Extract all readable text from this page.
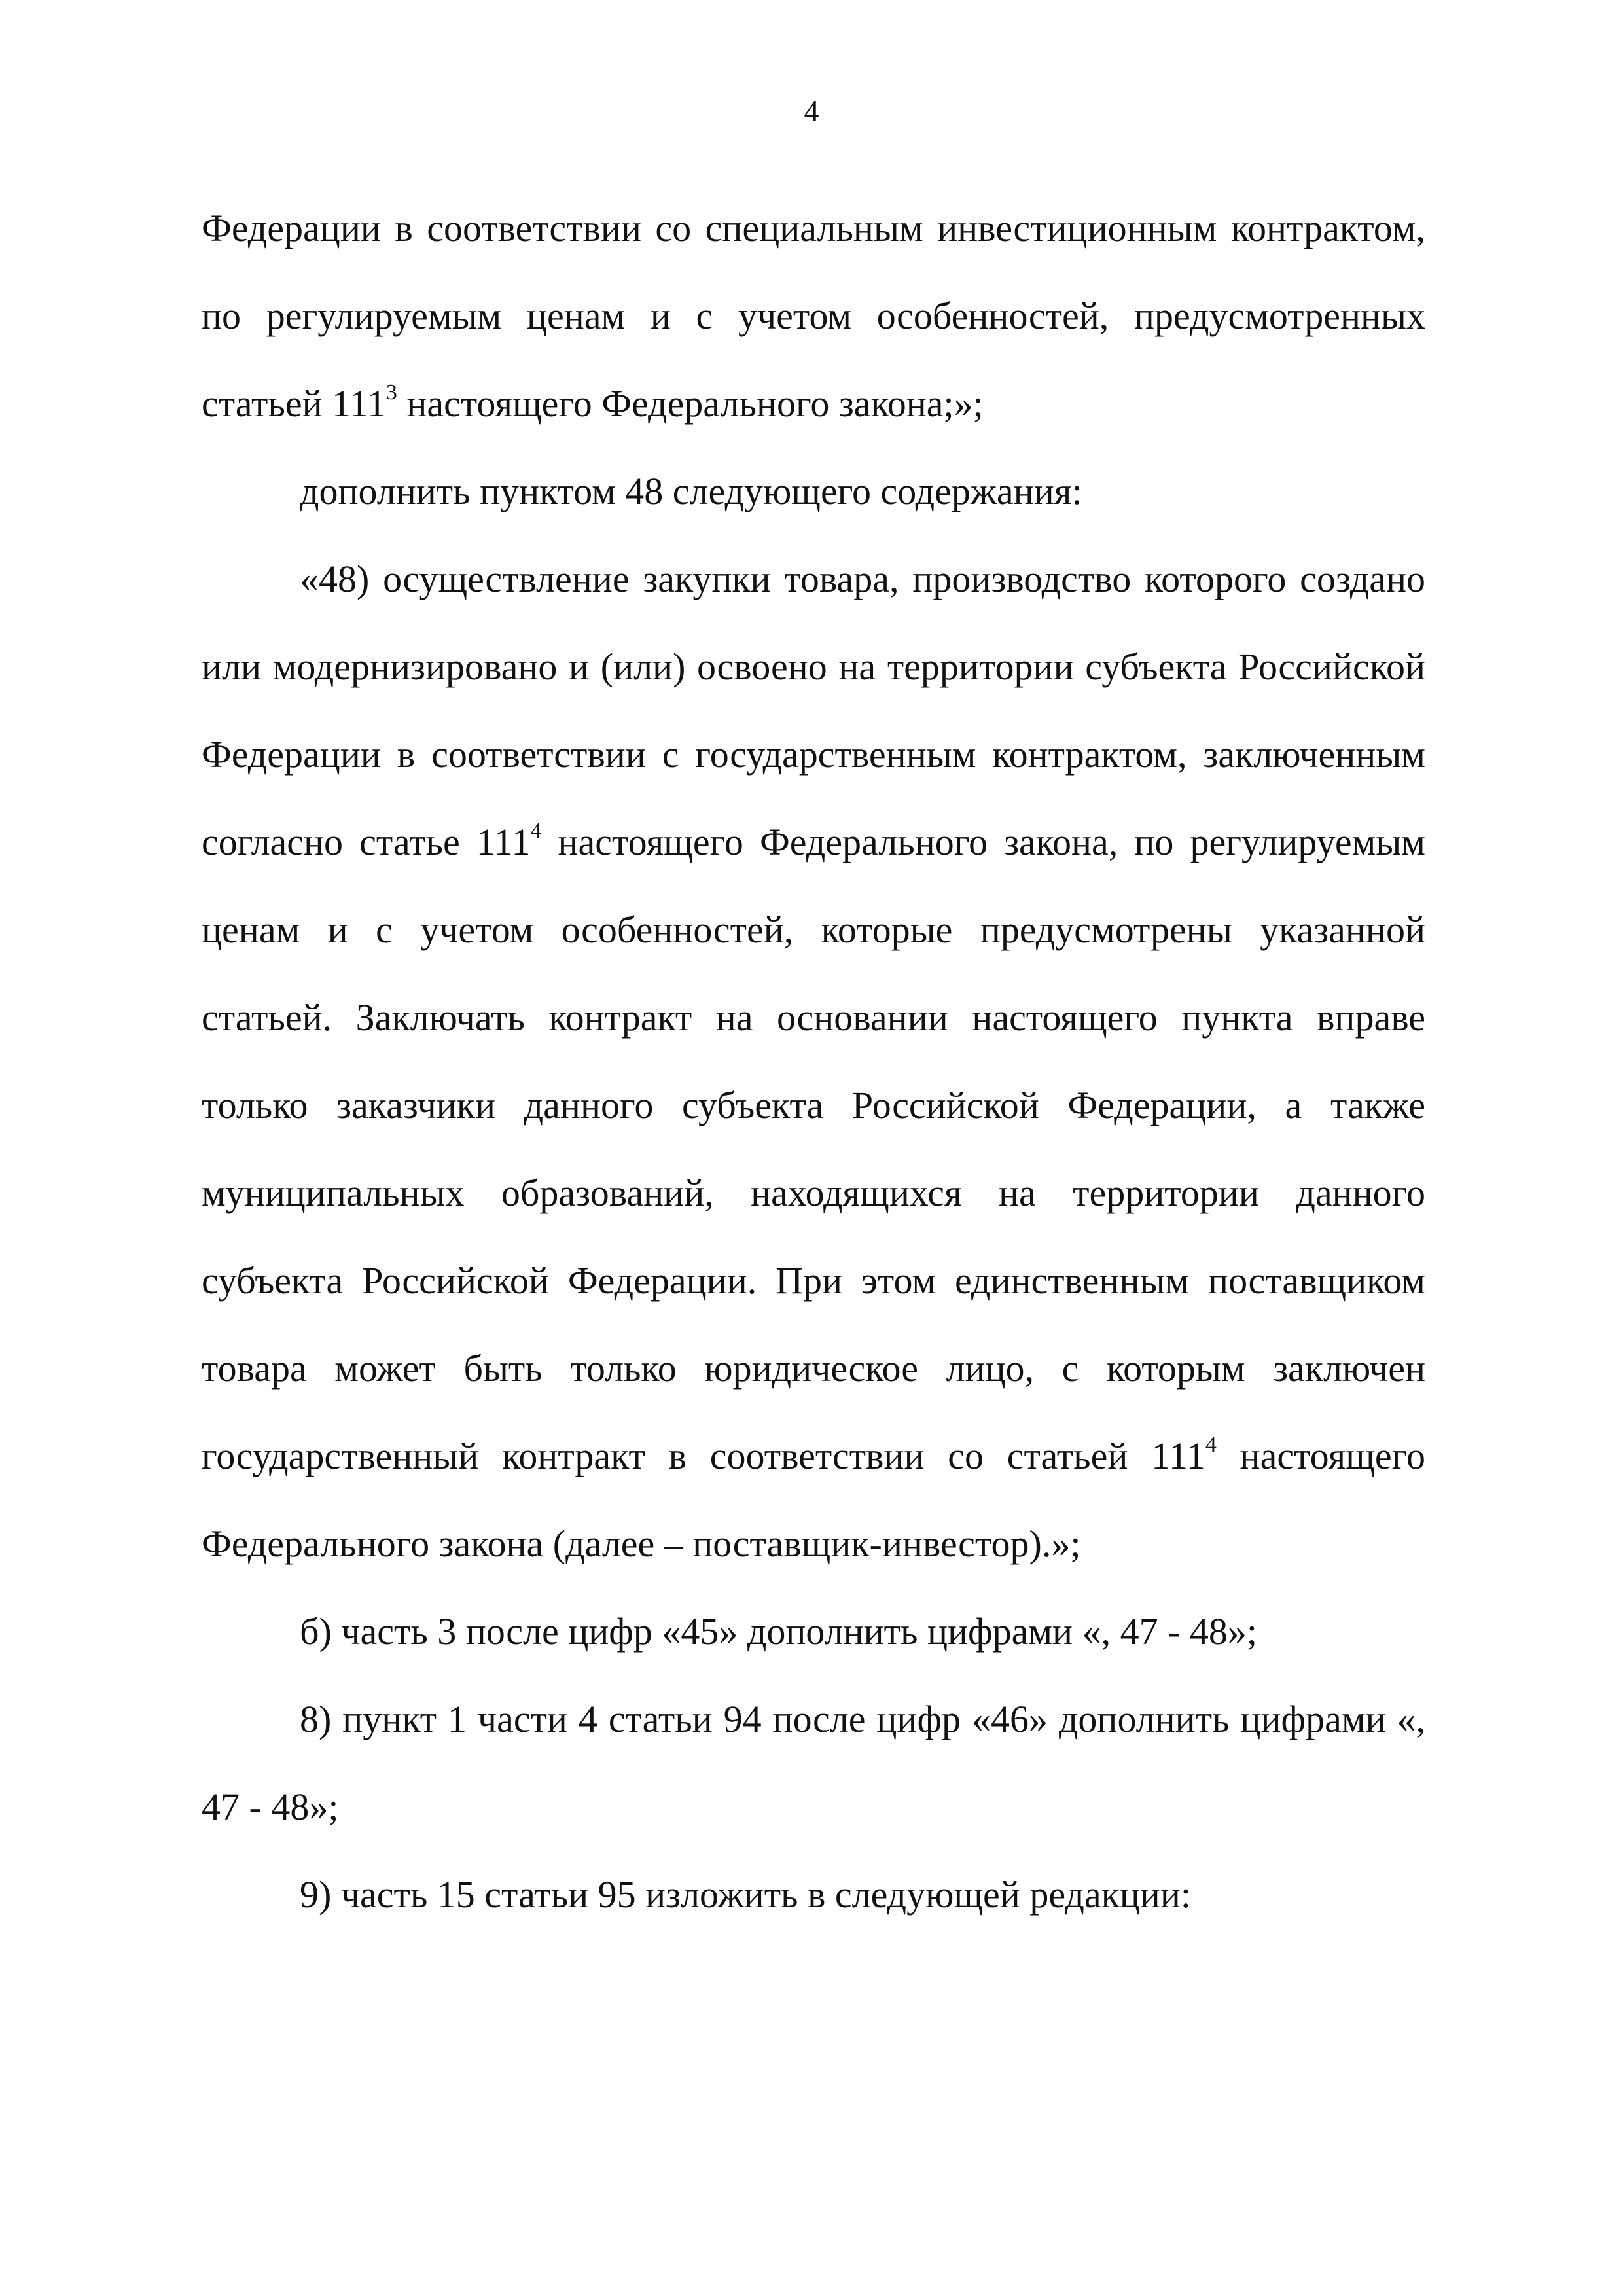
4

Федерации в соответствии со специальным инвестиционным контрактом, по регулируемым ценам и с учетом особенностей, предусмотренных статьей $111^3$ настоящего Федерального закона;»;

дополнить пунктом 48 следующего содержания:

«48) осуществление закупки товара, производство которого создано или модернизировано и (или) освоено на территории субъекта Российской Федерации в соответствии с государственным контрактом, заключенным согласно статье $111^4$ настоящего Федерального закона, по регулируемым ценам и с учетом особенностей, которые предусмотрены указанной статьей. Заключать контракт на основании настоящего пункта вправе только заказчики данного субъекта Российской Федерации, а также муниципальных образований, находящихся на территории данного субъекта Российской Федерации. При этом единственным поставщиком товара может быть только юридическое лицо, с которым заключен государственный контракт в соответствии со статьей $111^4$ настоящего Федерального закона (далее – поставщик-инвестор).»;

б) часть 3 после цифр «45» дополнить цифрами «, 47 - 48»;

8) пункт 1 части 4 статьи 94 после цифр «46» дополнить цифрами «, 47 - 48»;

9) часть 15 статьи 95 изложить в следующей редакции:
